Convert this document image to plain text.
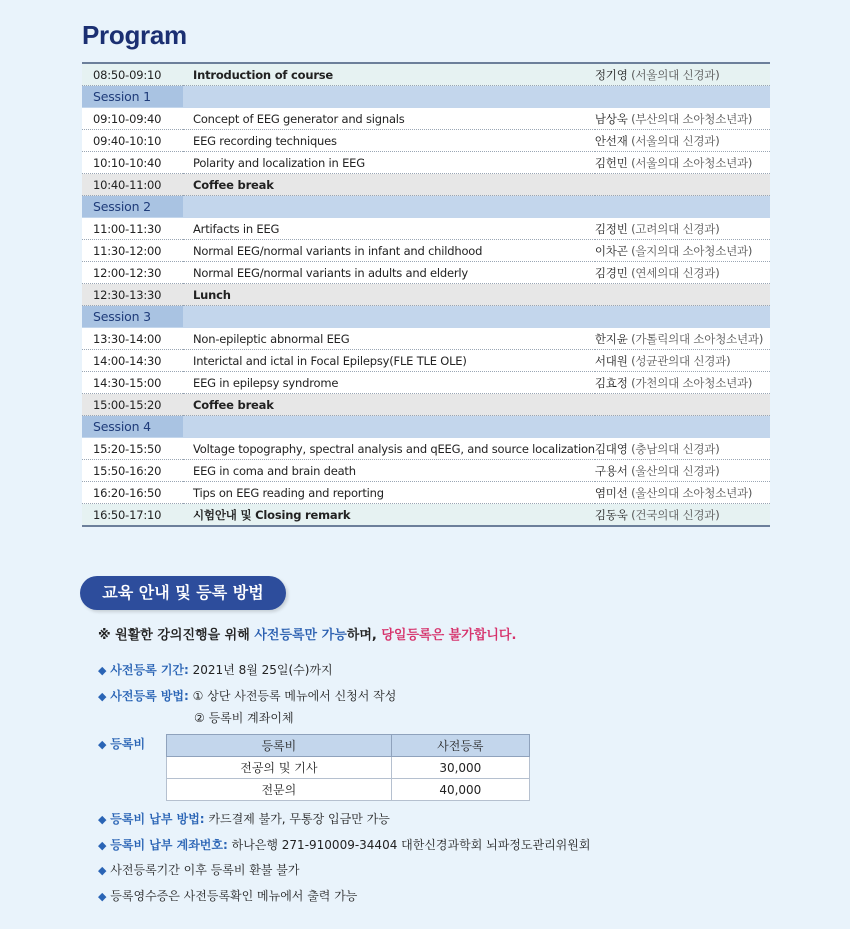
Program
08:50-09:10	Introduction of course	정기영 (서울의대 신경과)
Session 1		
09:10-09:40	Concept of EEG generator and signals	남상욱 (부산의대 소아청소년과)
09:40-10:10	EEG recording techniques	안선재 (서울의대 신경과)
10:10-10:40	Polarity and localization in EEG	김헌민 (서울의대 소아청소년과)
10:40-11:00	Coffee break	
Session 2		
11:00-11:30	Artifacts in EEG	김정빈 (고려의대 신경과)
11:30-12:00	Normal EEG/normal variants in infant and childhood	이차곤 (을지의대 소아청소년과)
12:00-12:30	Normal EEG/normal variants in adults and elderly	김경민 (연세의대 신경과)
12:30-13:30	Lunch	
Session 3		
13:30-14:00	Non-epileptic abnormal EEG	한지윤 (가톨릭의대 소아청소년과)
14:00-14:30	Interictal and ictal in Focal Epilepsy(FLE TLE OLE)	서대원 (성균관의대 신경과)
14:30-15:00	EEG in epilepsy syndrome	김효정 (가천의대 소아청소년과)
15:00-15:20	Coffee break	
Session 4		
15:20-15:50	Voltage topography, spectral analysis and qEEG, and source localization	김대영 (충남의대 신경과)
15:50-16:20	EEG in coma and brain death	구용서 (울산의대 신경과)
16:20-16:50	Tips on EEG reading and reporting	염미선 (울산의대 소아청소년과)
16:50-17:10	시험안내 및 Closing remark	김동욱 (건국의대 신경과)
교육 안내 및 등록 방법
※ 원활한 강의진행을 위해 사전등록만 가능하며, 당일등록은 불가합니다.
◆ 사전등록 기간: 2021년 8월 25일(수)까지
◆ 사전등록 방법: ① 상단 사전등록 메뉴에서 신청서 작성
② 등록비 계좌이체
◆ 등록비	등록비	사전등록
전공의 및 기사	30,000
전문의	40,000
◆ 등록비 납부 방법: 카드결제 불가, 무통장 입금만 가능
◆ 등록비 납부 계좌번호: 하나은행 271-910009-34404 대한신경과학회 뇌파정도관리위원회
◆ 사전등록기간 이후 등록비 환불 불가
◆ 등록영수증은 사전등록확인 메뉴에서 출력 가능
